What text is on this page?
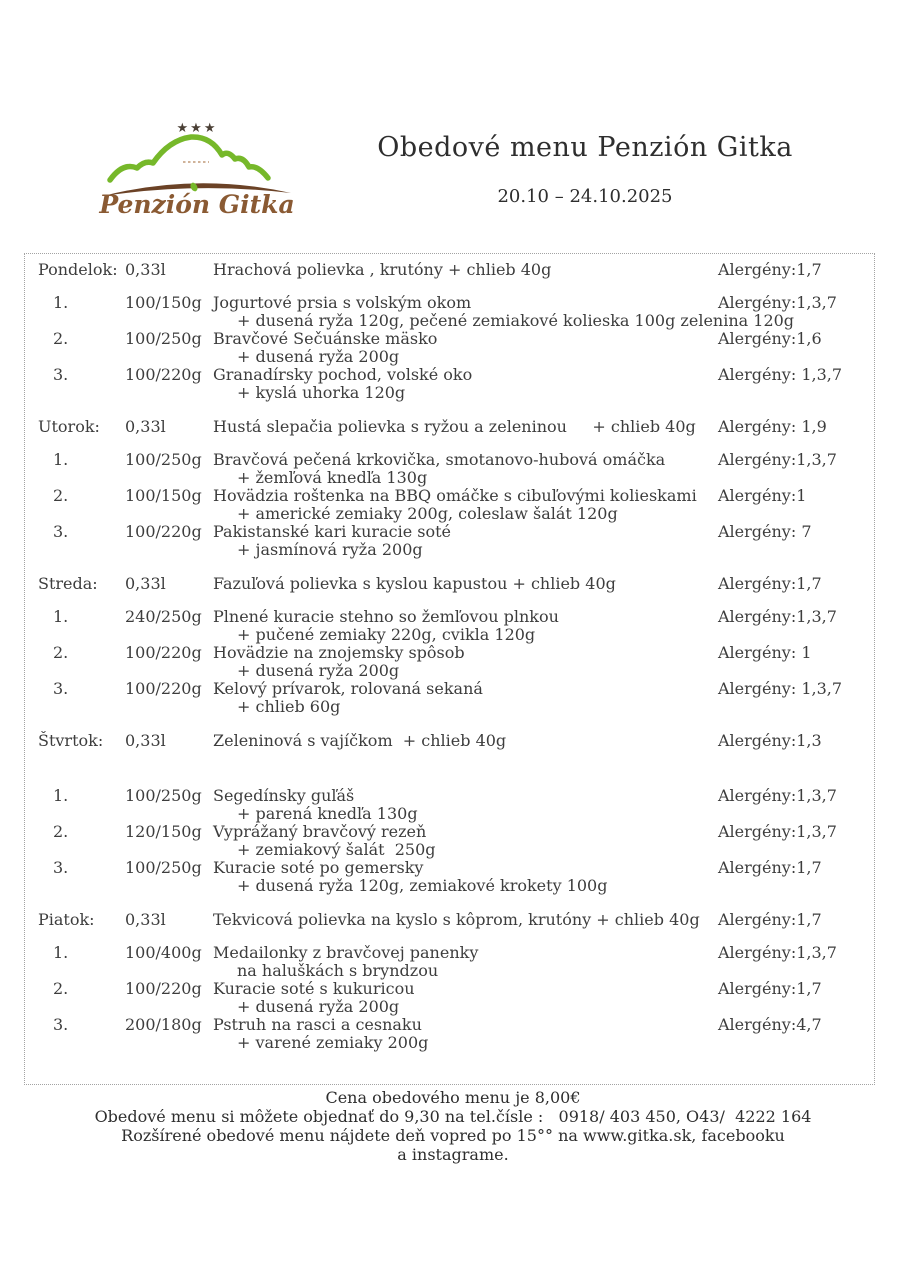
★★★
Penzión Gitka
Obedové menu Penzión Gitka
20.10 – 24.10.2025
Pondelok: 0,33l	Hrachová polievka , krutóny + chlieb 40g	Alergény:1,7
1.	100/150g Jogurtové prsia s volským okom	Alergény:1,3,7
+ dusená ryža 120g, pečené zemiakové kolieska 100g zelenina 120g
2.	100/250g Bravčové Sečuánske mäsko	Alergény:1,6
+ dusená ryža 200g
3.	100/220g Granadírsky pochod, volské oko	Alergény: 1,3,7
+ kyslá uhorka 120g
Utorok:	0,33l	Hustá slepačia polievka s ryžou a zeleninou     + chlieb 40g	Alergény: 1,9
1.	100/250g Bravčová pečená krkovička, smotanovo-hubová omáčka	Alergény:1,3,7
+ žemľová knedľa 130g
2.	100/150g Hovädzia roštenka na BBQ omáčke s cibuľovými kolieskami	Alergény:1
+ americké zemiaky 200g, coleslaw šalát 120g
3.	100/220g Pakistanské kari kuracie soté	Alergény: 7
+ jasmínová ryža 200g
Streda:	0,33l	Fazuľová polievka s kyslou kapustou + chlieb 40g	Alergény:1,7
1.	240/250g Plnené kuracie stehno so žemľovou plnkou	Alergény:1,3,7
+ pučené zemiaky 220g, cvikla 120g
2.	100/220g Hovädzie na znojemsky spôsob	Alergény: 1
+ dusená ryža 200g
3.	100/220g Kelový prívarok, rolovaná sekaná	Alergény: 1,3,7
+ chlieb 60g
Štvrtok:	0,33l	Zeleninová s vajíčkom  + chlieb 40g	Alergény:1,3
1.	100/250g Segedínsky guľáš	Alergény:1,3,7
+ parená knedľa 130g
2.	120/150g Vyprážaný bravčový rezeň	Alergény:1,3,7
+ zemiakový šalát  250g
3.	100/250g Kuracie soté po gemersky	Alergény:1,7
+ dusená ryža 120g, zemiakové krokety 100g
Piatok:	0,33l	Tekvicová polievka na kyslo s kôprom, krutóny + chlieb 40g	Alergény:1,7
1.	100/400g Medailonky z bravčovej panenky	Alergény:1,3,7
na haluškách s bryndzou
2.	100/220g Kuracie soté s kukuricou	Alergény:1,7
+ dusená ryža 200g
3.	200/180g Pstruh na rasci a cesnaku	Alergény:4,7
+ varené zemiaky 200g
Cena obedového menu je 8,00€
Obedové menu si môžete objednať do 9,30 na tel.čísle :   0918/ 403 450, O43/  4222 164
Rozšírené obedové menu nájdete deň vopred po 15°° na www.gitka.sk, facebooku
a instagrame.
